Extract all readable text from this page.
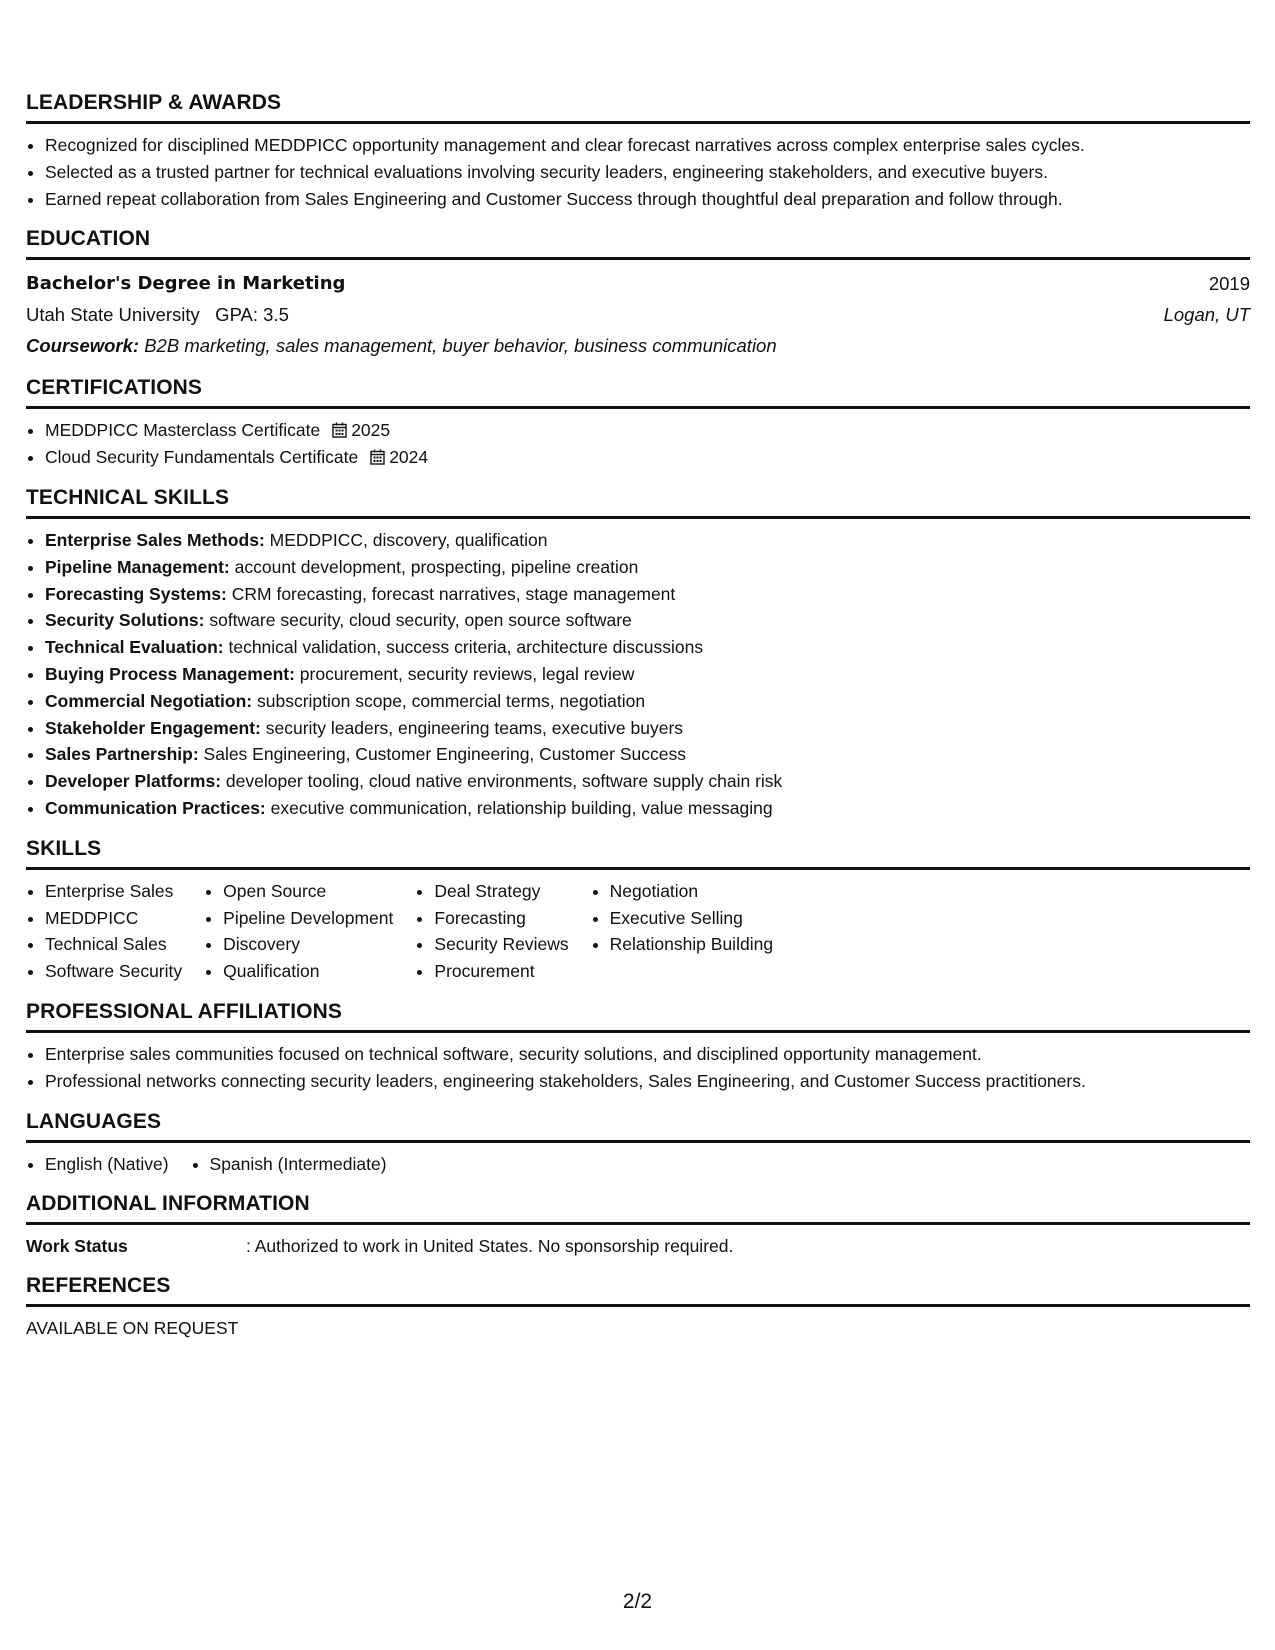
LEADERSHIP & AWARDS
• Recognized for disciplined MEDDPICC opportunity management and clear forecast narratives across complex enterprise sales cycles.
• Selected as a trusted partner for technical evaluations involving security leaders, engineering stakeholders, and executive buyers.
• Earned repeat collaboration from Sales Engineering and Customer Success through thoughtful deal preparation and follow through.
EDUCATION
Bachelor's Degree in Marketing	2019
Utah State University   GPA: 3.5	Logan, UT
Coursework: B2B marketing, sales management, buyer behavior, business communication
CERTIFICATIONS
• MEDDPICC Masterclass Certificate 2025
• Cloud Security Fundamentals Certificate 2024
TECHNICAL SKILLS
• Enterprise Sales Methods: MEDDPICC, discovery, qualification
• Pipeline Management: account development, prospecting, pipeline creation
• Forecasting Systems: CRM forecasting, forecast narratives, stage management
• Security Solutions: software security, cloud security, open source software
• Technical Evaluation: technical validation, success criteria, architecture discussions
• Buying Process Management: procurement, security reviews, legal review
• Commercial Negotiation: subscription scope, commercial terms, negotiation
• Stakeholder Engagement: security leaders, engineering teams, executive buyers
• Sales Partnership: Sales Engineering, Customer Engineering, Customer Success
• Developer Platforms: developer tooling, cloud native environments, software supply chain risk
• Communication Practices: executive communication, relationship building, value messaging
SKILLS
• Enterprise Sales
• MEDDPICC
• Technical Sales
• Software Security
• Open Source
• Pipeline Development
• Discovery
• Qualification
• Deal Strategy
• Forecasting
• Security Reviews
• Procurement
• Negotiation
• Executive Selling
• Relationship Building
PROFESSIONAL AFFILIATIONS
• Enterprise sales communities focused on technical software, security solutions, and disciplined opportunity management.
• Professional networks connecting security leaders, engineering stakeholders, Sales Engineering, and Customer Success practitioners.
LANGUAGES
• English (Native)
• Spanish (Intermediate)
ADDITIONAL INFORMATION
Work Status	: Authorized to work in United States. No sponsorship required.
REFERENCES
AVAILABLE ON REQUEST
2/2
